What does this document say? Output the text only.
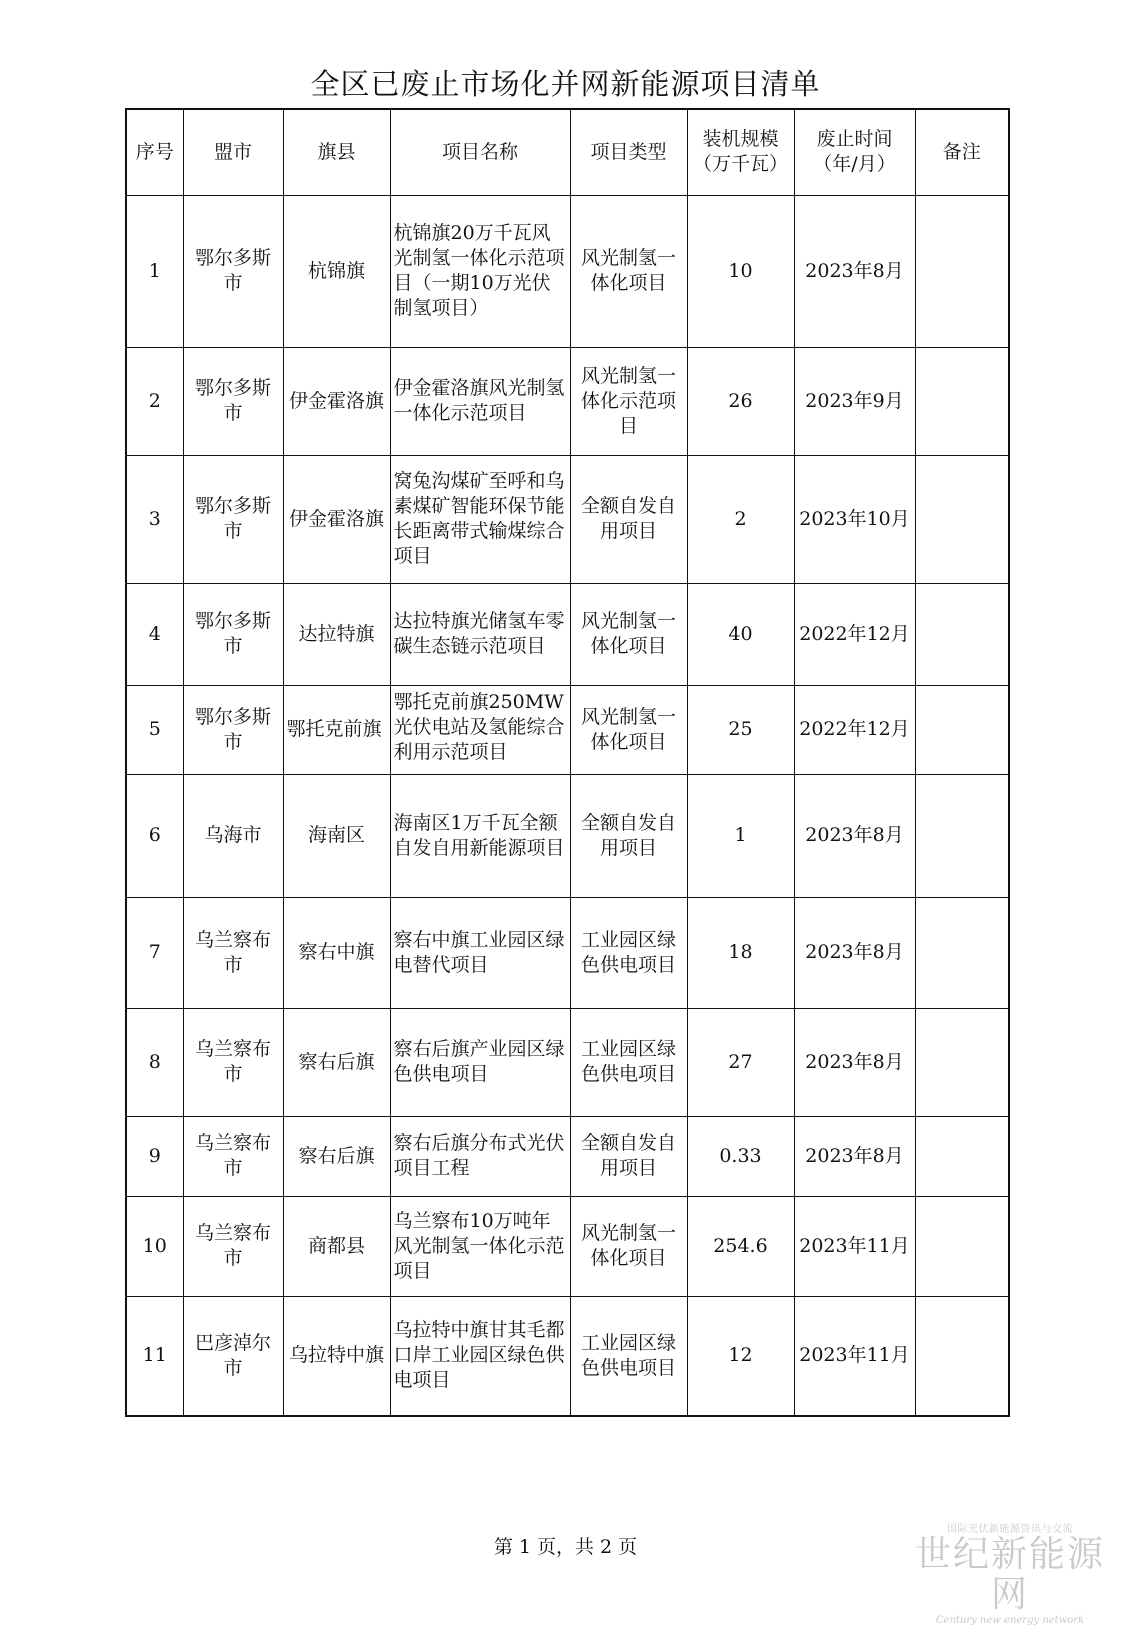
全区已废止市场化并网新能源项目清单
序号	盟市	旗县	项目名称	项目类型	装机规模（万千瓦）	废止时间（年/月）	备注
1	鄂尔多斯市	杭锦旗	杭锦旗20万千瓦风光制氢一体化示范项目（一期10万光伏制氢项目）	风光制氢一体化项目	10	2023年8月	
2	鄂尔多斯市	伊金霍洛旗	伊金霍洛旗风光制氢一体化示范项目	风光制氢一体化示范项目	26	2023年9月	
3	鄂尔多斯市	伊金霍洛旗	窝兔沟煤矿至呼和乌素煤矿智能环保节能长距离带式输煤综合项目	全额自发自用项目	2	2023年10月	
4	鄂尔多斯市	达拉特旗	达拉特旗光储氢车零碳生态链示范项目	风光制氢一体化项目	40	2022年12月	
5	鄂尔多斯市	鄂托克前旗	鄂托克前旗250MW光伏电站及氢能综合利用示范项目	风光制氢一体化项目	25	2022年12月	
6	乌海市	海南区	海南区1万千瓦全额自发自用新能源项目	全额自发自用项目	1	2023年8月	
7	乌兰察布市	察右中旗	察右中旗工业园区绿电替代项目	工业园区绿色供电项目	18	2023年8月	
8	乌兰察布市	察右后旗	察右后旗产业园区绿色供电项目	工业园区绿色供电项目	27	2023年8月	
9	乌兰察布市	察右后旗	察右后旗分布式光伏项目工程	全额自发自用项目	0.33	2023年8月	
10	乌兰察布市	商都县	乌兰察布10万吨年风光制氢一体化示范项目	风光制氢一体化项目	254.6	2023年11月	
11	巴彦淖尔市	乌拉特中旗	乌拉特中旗甘其毛都口岸工业园区绿色供电项目	工业园区绿色供电项目	12	2023年11月	
第 1 页，共 2 页
国际光伏新能源资讯与交流
世纪新能源网
Century new energy network
